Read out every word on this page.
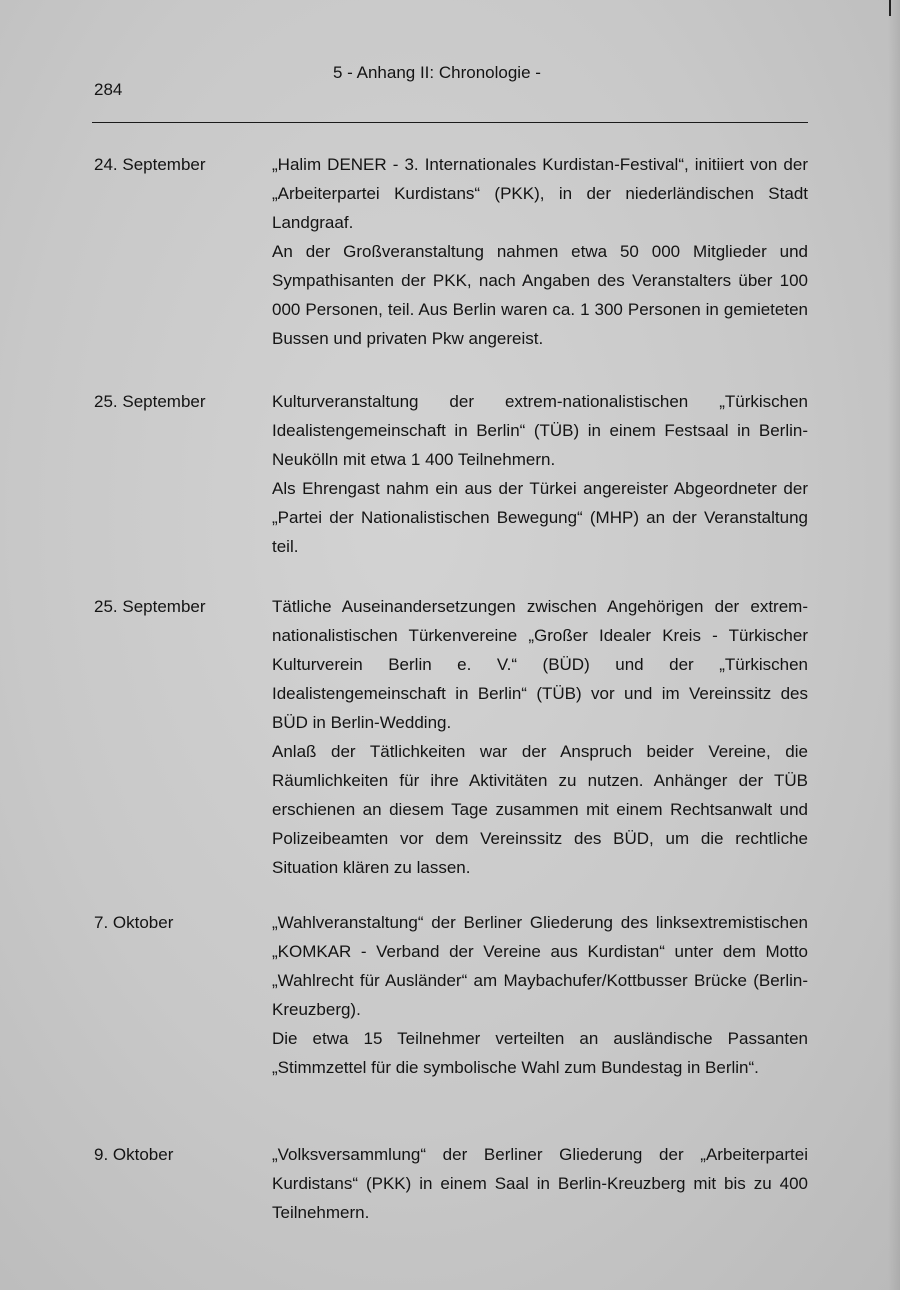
284
5 - Anhang II: Chronologie -
24. September	„Halim DENER - 3. Internationales Kurdistan-Festival“, initiiert von der „Arbeiterpartei Kurdistans“ (PKK), in der niederländischen Stadt Landgraaf.

An der Großveranstaltung nahmen etwa 50 000 Mitglieder und Sympathisanten der PKK, nach Angaben des Veranstalters über 100 000 Personen, teil. Aus Berlin waren ca. 1 300 Personen in gemieteten Bussen und privaten Pkw angereist.

25. September	Kulturveranstaltung der extrem-nationalistischen „Türkischen Idealistengemeinschaft in Berlin“ (TÜB) in einem Festsaal in Berlin-Neukölln mit etwa 1 400 Teilnehmern.

Als Ehrengast nahm ein aus der Türkei angereister Abgeordneter der „Partei der Nationalistischen Bewegung“ (MHP) an der Veranstaltung teil.

25. September	Tätliche Auseinandersetzungen zwischen Angehörigen der extrem-nationalistischen Türkenvereine „Großer Idealer Kreis - Türkischer Kulturverein Berlin e. V.“ (BÜD) und der „Türkischen Idealistengemeinschaft in Berlin“ (TÜB) vor und im Vereinssitz des BÜD in Berlin-Wedding.

Anlaß der Tätlichkeiten war der Anspruch beider Vereine, die Räumlichkeiten für ihre Aktivitäten zu nutzen. Anhänger der TÜB erschienen an diesem Tage zusammen mit einem Rechtsanwalt und Polizeibeamten vor dem Vereinssitz des BÜD, um die rechtliche Situation klären zu lassen.

7. Oktober	„Wahlveranstaltung“ der Berliner Gliederung des linksextremistischen „KOMKAR - Verband der Vereine aus Kurdistan“ unter dem Motto „Wahlrecht für Ausländer“ am Maybachufer/Kottbusser Brücke (Berlin-Kreuzberg).

Die etwa 15 Teilnehmer verteilten an ausländische Passanten „Stimmzettel für die symbolische Wahl zum Bundestag in Berlin“.

9. Oktober	„Volksversammlung“ der Berliner Gliederung der „Arbeiterpartei Kurdistans“ (PKK) in einem Saal in Berlin-Kreuzberg mit bis zu 400 Teilnehmern.
